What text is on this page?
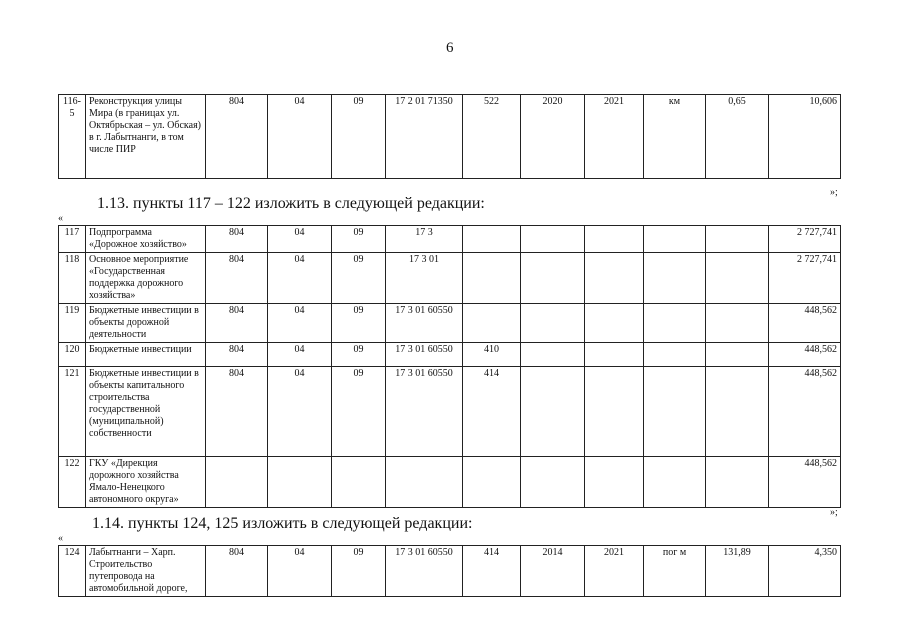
6
116-5	Реконструкция улицы Мира (в границах ул. Октябрьская – ул. Обская) в г. Лабытнанги, в том числе ПИР	804	04	09	17 2 01 71350	522	2020	2021	км	0,65	10,606
»;
1.13. пункты 117 – 122 изложить в следующей редакции:
«
117	Подпрограмма «Дорожное хозяйство»	804	04	09	17 3						2 727,741
118	Основное мероприятие «Государственная поддержка дорожного хозяйства»	804	04	09	17 3 01						2 727,741
119	Бюджетные инвестиции в объекты дорожной деятельности	804	04	09	17 3 01 60550						448,562
120	Бюджетные инвестиции	804	04	09	17 3 01 60550	410					448,562
121	Бюджетные инвестиции в объекты капитального строительства государственной (муниципальной) собственности	804	04	09	17 3 01 60550	414					448,562
122	ГКУ «Дирекция дорожного хозяйства Ямало-Ненецкого автономного округа»										448,562
»;
1.14. пункты 124, 125 изложить в следующей редакции:
«
124	Лабытнанги – Харп. Строительство путепровода на автомобильной дороге,	804	04	09	17 3 01 60550	414	2014	2021	пог м	131,89	4,350
